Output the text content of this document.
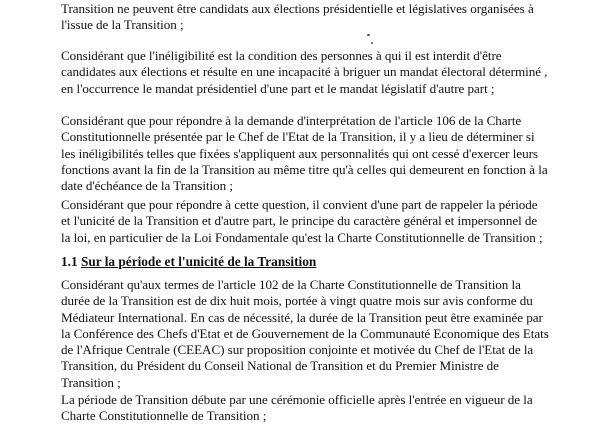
Transition ne peuvent être candidats aux élections présidentielle et législatives organisées à
l'issue de la Transition ;

Considérant que l'inéligibilité est la condition des personnes à qui il est interdit d'être
candidates aux élections et résulte en une incapacité à briguer un mandat électoral déterminé ,
en l'occurrence le mandat présidentiel d'une part et le mandat législatif d'autre part ;

Considérant que pour répondre à la demande d'interprétation de l'article 106 de la Charte
Constitutionnelle présentée par le Chef de l'Etat de la Transition, il y a lieu de déterminer si
les inéligibilités telles que fixées s'appliquent aux personnalités qui ont cessé d'exercer leurs
fonctions avant la fin de la Transition au même titre qu'à celles qui demeurent en fonction à la
date d'échéance de la Transition ;

Considérant que pour répondre à cette question, il convient d'une part de rappeler la période
et l'unicité de la Transition et d'autre part, le principe du caractère général et impersonnel de
la loi, en particulier de la Loi Fondamentale qu'est la Charte Constitutionnelle de Transition ;

1.1 Sur la période et l'unicité de la Transition

Considérant qu'aux termes de l'article 102 de la Charte Constitutionnelle de Transition la
durée de la Transition est de dix huit mois, portée à vingt quatre mois sur avis conforme du
Médiateur International. En cas de nécessité, la durée de la Transition peut être examinée par
la Conférence des Chefs d'Etat et de Gouvernement de la Communauté Economique des Etats
de l'Afrique Centrale (CEEAC) sur proposition conjointe et motivée du Chef de l'Etat de la
Transition, du Président du Conseil National de Transition et du Premier Ministre de
Transition ;

La période de Transition débute par une cérémonie officielle après l'entrée en vigueur de la
Charte Constitutionnelle de Transition ;
